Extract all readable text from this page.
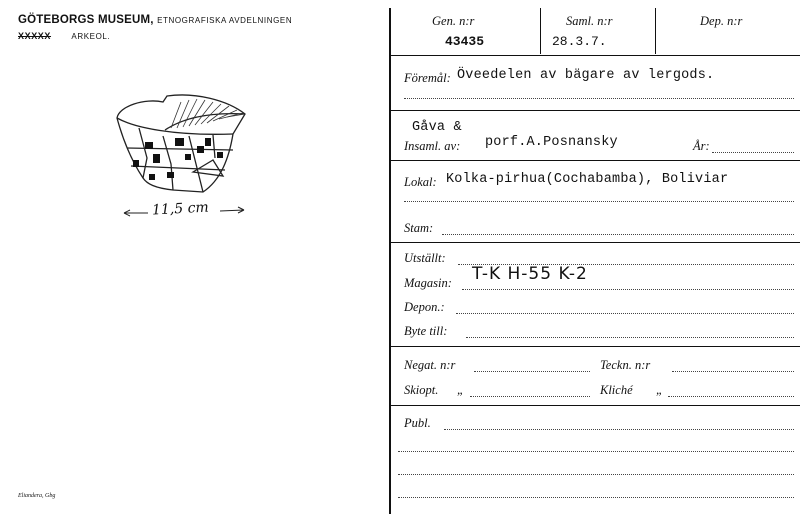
GÖTEBORGS MUSEUM, ETNOGRAFISKA AVDELNINGEN
XXXXX	ARKEOL.
11,5 cm
Eliandera, Gbg
Gen. n:r
43435
Saml. n:r
28.3.7.
Dep. n:r
Föremål: Öveedelen av bägare av lergods.
Gåva &
Insaml. av: porf.A.Posnansky	År:
Lokal: Kolka-pirhua(Cochabamba), Boliviar
Stam:
Utställt:
Magasin: T-K H-55 K-2
Depon.:
Byte till:
Negat. n:r	Teckn. n:r
Skiopt. „	Kliché „
Publ.
